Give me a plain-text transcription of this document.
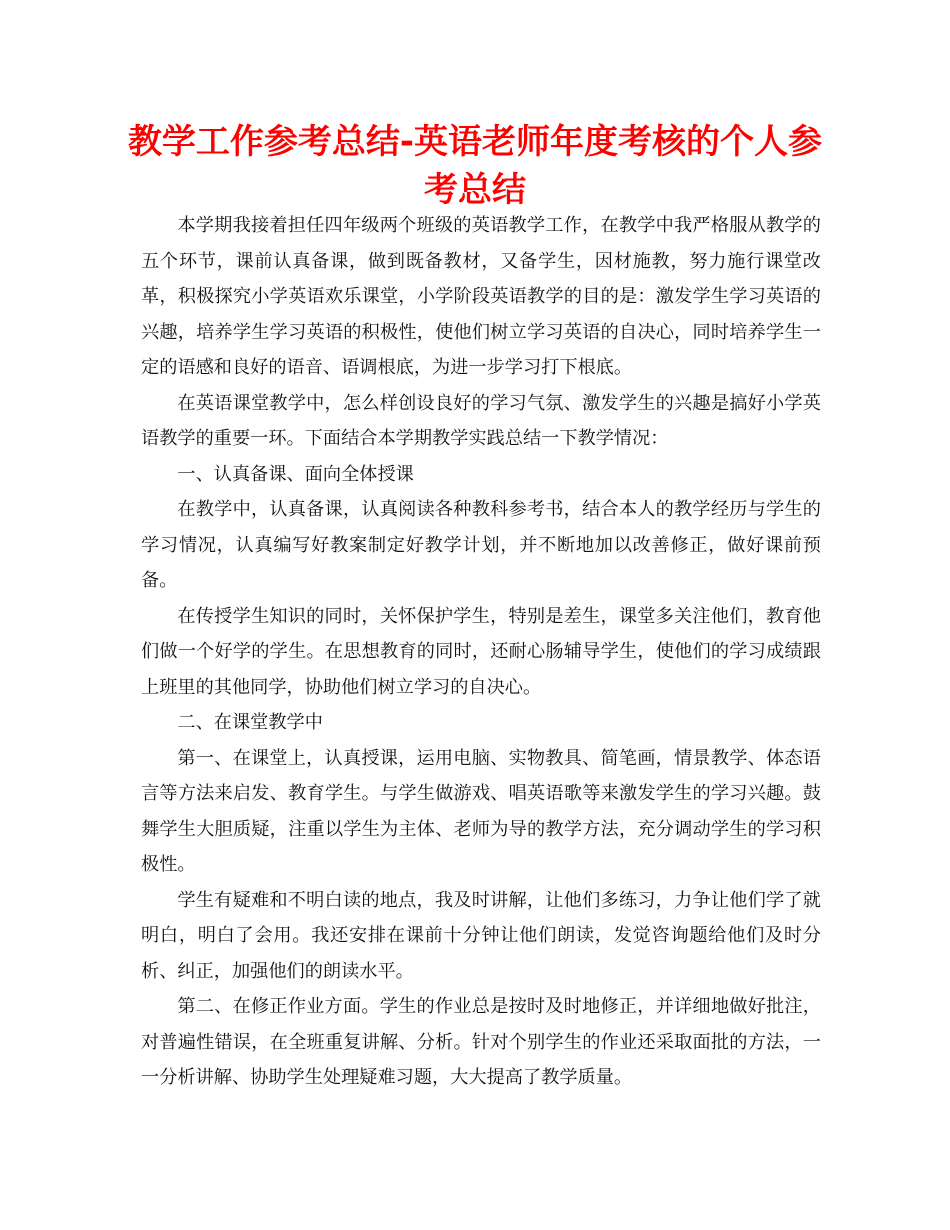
教学工作参考总结-英语老师年度考核的个人参考总结

本学期我接着担任四年级两个班级的英语教学工作，在教学中我严格服从教学的五个环节，课前认真备课，做到既备教材，又备学生，因材施教，努力施行课堂改革，积极探究小学英语欢乐课堂，小学阶段英语教学的目的是：激发学生学习英语的兴趣，培养学生学习英语的积极性，使他们树立学习英语的自决心，同时培养学生一定的语感和良好的语音、语调根底，为进一步学习打下根底。

在英语课堂教学中，怎么样创设良好的学习气氛、激发学生的兴趣是搞好小学英语教学的重要一环。下面结合本学期教学实践总结一下教学情况：

一、认真备课、面向全体授课

在教学中，认真备课，认真阅读各种教科参考书，结合本人的教学经历与学生的学习情况，认真编写好教案制定好教学计划，并不断地加以改善修正，做好课前预备。

在传授学生知识的同时，关怀保护学生，特别是差生，课堂多关注他们，教育他们做一个好学的学生。在思想教育的同时，还耐心肠辅导学生，使他们的学习成绩跟上班里的其他同学，协助他们树立学习的自决心。

二、在课堂教学中

第一、在课堂上，认真授课，运用电脑、实物教具、简笔画，情景教学、体态语言等方法来启发、教育学生。与学生做游戏、唱英语歌等来激发学生的学习兴趣。鼓舞学生大胆质疑，注重以学生为主体、老师为导的教学方法，充分调动学生的学习积极性。

学生有疑难和不明白读的地点，我及时讲解，让他们多练习，力争让他们学了就明白，明白了会用。我还安排在课前十分钟让他们朗读，发觉咨询题给他们及时分析、纠正，加强他们的朗读水平。

第二、在修正作业方面。学生的作业总是按时及时地修正，并详细地做好批注，对普遍性错误，在全班重复讲解、分析。针对个别学生的作业还采取面批的方法，一一分析讲解、协助学生处理疑难习题，大大提高了教学质量。
